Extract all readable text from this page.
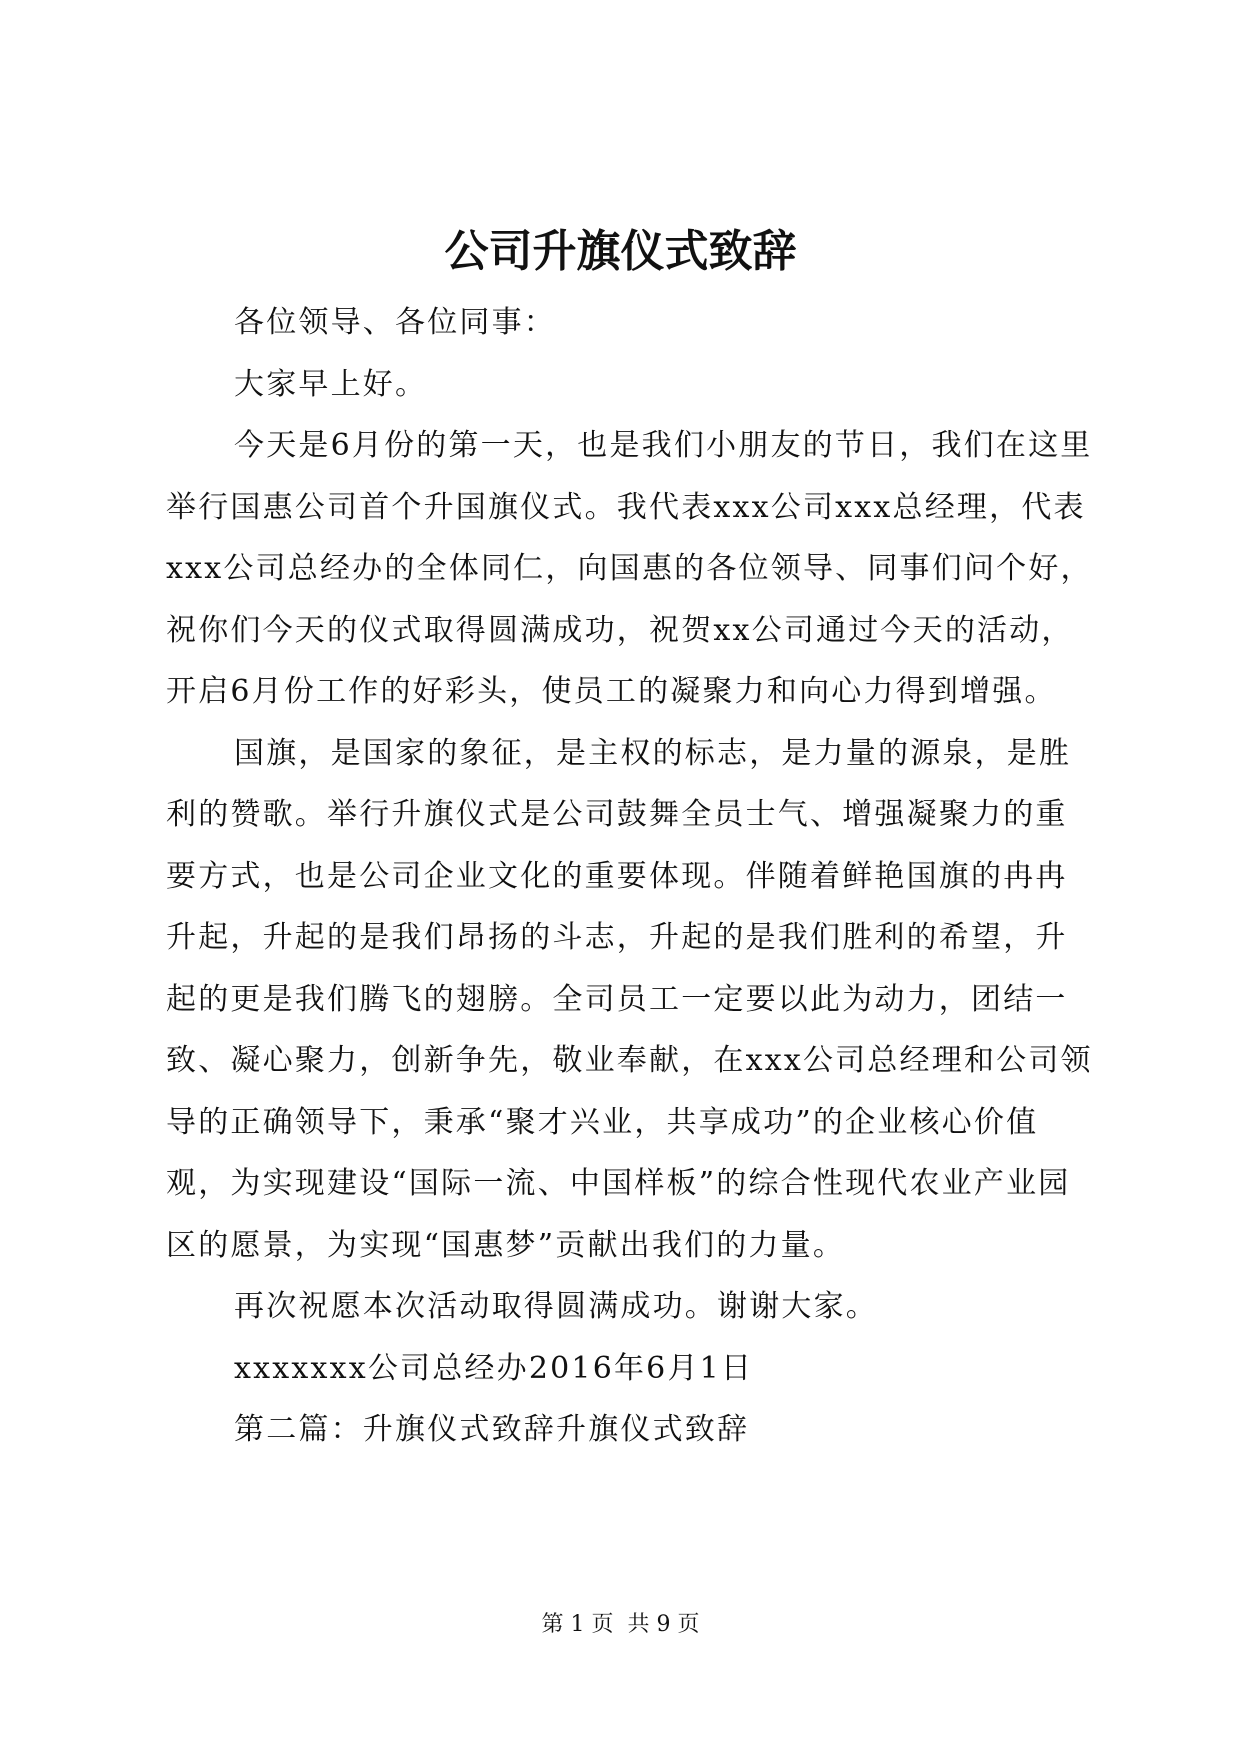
公司升旗仪式致辞

各位领导、各位同事：

大家早上好。

今天是6月份的第一天，也是我们小朋友的节日，我们在这里举行国惠公司首个升国旗仪式。我代表xxx公司xxx总经理，代表xxx公司总经办的全体同仁，向国惠的各位领导、同事们问个好，祝你们今天的仪式取得圆满成功，祝贺xx公司通过今天的活动，开启6月份工作的好彩头，使员工的凝聚力和向心力得到增强。

国旗，是国家的象征，是主权的标志，是力量的源泉，是胜利的赞歌。举行升旗仪式是公司鼓舞全员士气、增强凝聚力的重要方式，也是公司企业文化的重要体现。伴随着鲜艳国旗的冉冉升起，升起的是我们昂扬的斗志，升起的是我们胜利的希望，升起的更是我们腾飞的翅膀。全司员工一定要以此为动力，团结一致、凝心聚力，创新争先，敬业奉献，在xxx公司总经理和公司领导的正确领导下，秉承“聚才兴业，共享成功”的企业核心价值观，为实现建设“国际一流、中国样板”的综合性现代农业产业园区的愿景，为实现“国惠梦”贡献出我们的力量。

再次祝愿本次活动取得圆满成功。谢谢大家。

xxxxxxx公司总经办2016年6月1日

第二篇：升旗仪式致辞升旗仪式致辞

第 1 页  共 9 页
